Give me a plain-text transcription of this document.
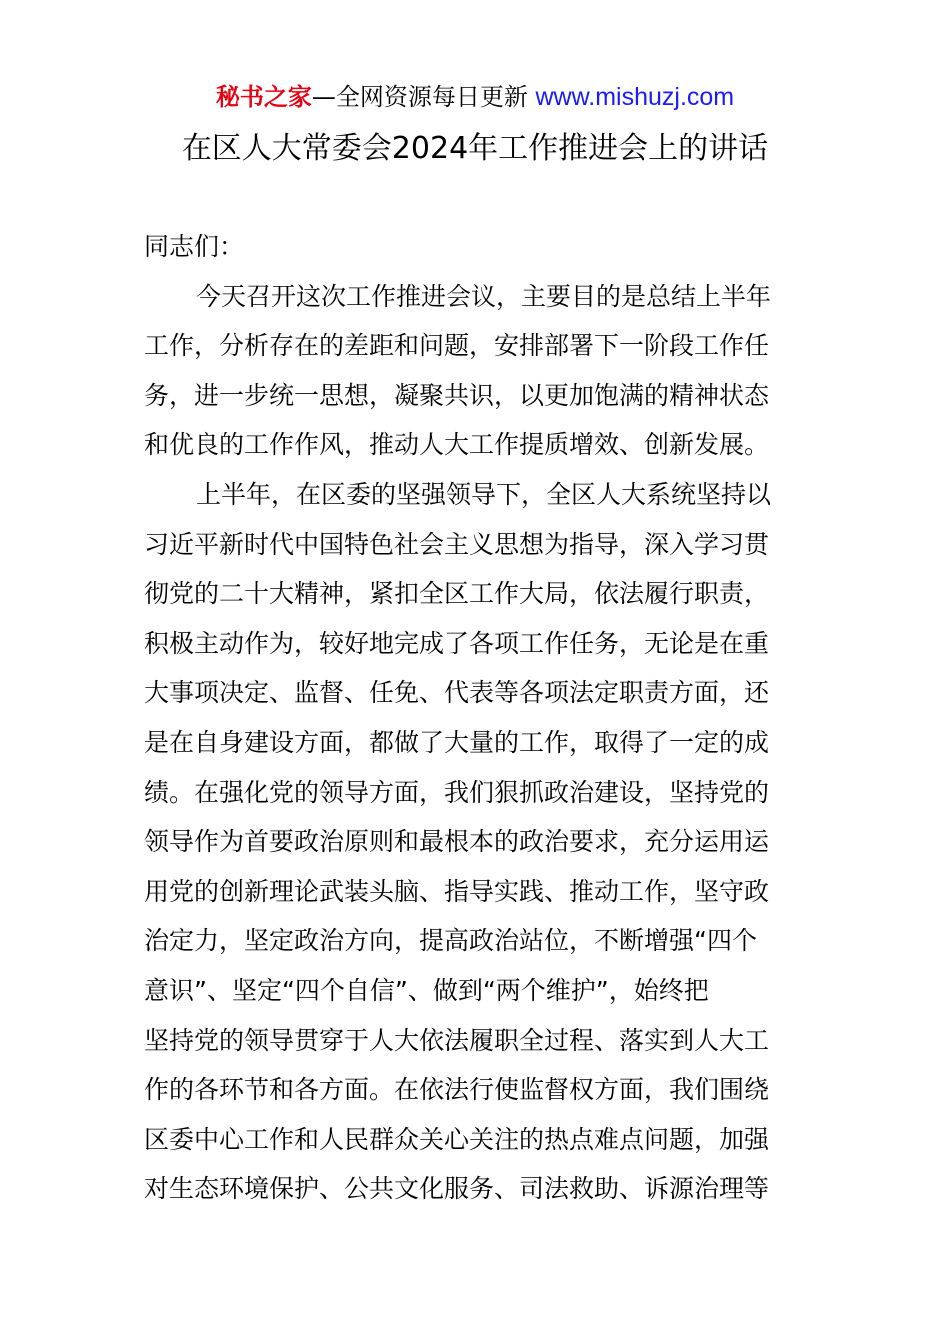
秘书之家—全网资源每日更新 www.mishuzj.com
在区人大常委会2024年工作推进会上的讲话
同志们：
今天召开这次工作推进会议，主要目的是总结上半年
工作，分析存在的差距和问题，安排部署下一阶段工作任
务，进一步统一思想，凝聚共识，以更加饱满的精神状态
和优良的工作作风，推动人大工作提质增效、创新发展。
上半年，在区委的坚强领导下，全区人大系统坚持以
习近平新时代中国特色社会主义思想为指导，深入学习贯
彻党的二十大精神，紧扣全区工作大局，依法履行职责，
积极主动作为，较好地完成了各项工作任务，无论是在重
大事项决定、监督、任免、代表等各项法定职责方面，还
是在自身建设方面，都做了大量的工作，取得了一定的成
绩。在强化党的领导方面，我们狠抓政治建设，坚持党的
领导作为首要政治原则和最根本的政治要求，充分运用运
用党的创新理论武装头脑、指导实践、推动工作，坚守政
治定力，坚定政治方向，提高政治站位，不断增强“四个
意识”、坚定“四个自信”、做到“两个维护”，始终把
坚持党的领导贯穿于人大依法履职全过程、落实到人大工
作的各环节和各方面。在依法行使监督权方面，我们围绕
区委中心工作和人民群众关心关注的热点难点问题，加强
对生态环境保护、公共文化服务、司法救助、诉源治理等
